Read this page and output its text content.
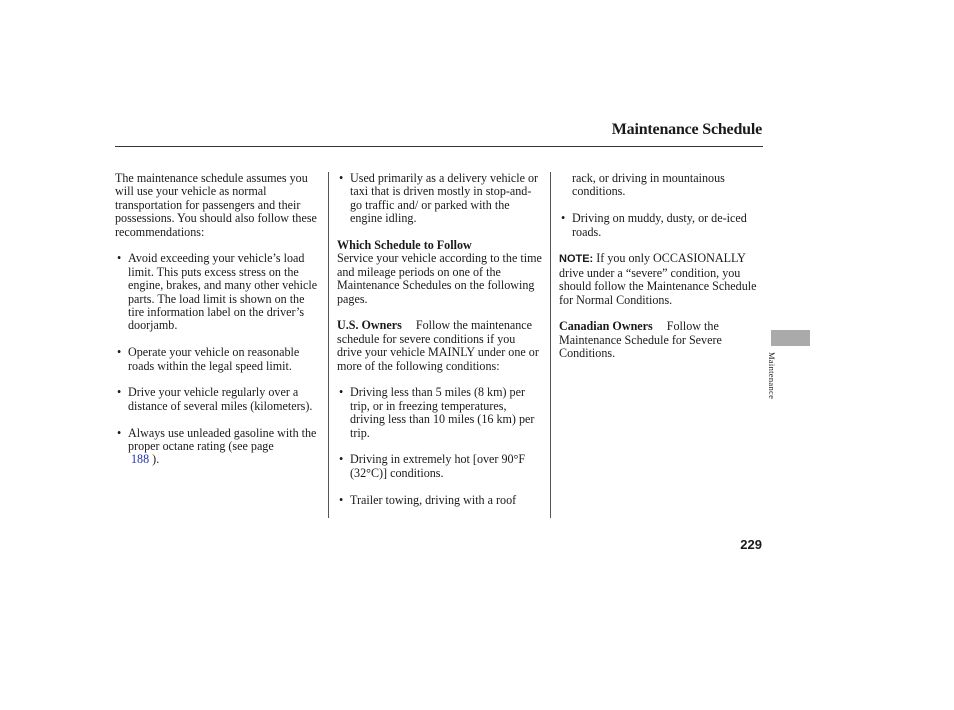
Maintenance Schedule

The maintenance schedule assumes you will use your vehicle as normal transportation for passengers and their possessions. You should also follow these recommendations:

• Avoid exceeding your vehicle’s load limit. This puts excess stress on the engine, brakes, and many other vehicle parts. The load limit is shown on the tire information label on the driver’s doorjamb.
• Operate your vehicle on reasonable roads within the legal speed limit.
• Drive your vehicle regularly over a distance of several miles (kilometers).
• Always use unleaded gasoline with the proper octane rating (see page
188 ).
• Used primarily as a delivery vehicle or taxi that is driven mostly in stop-and-go traffic and/ or parked with the engine idling.
Which Schedule to Follow

Service your vehicle according to the time and mileage periods on one of the Maintenance Schedules on the following pages.

U.S. Owners Follow the maintenance schedule for severe conditions if you drive your vehicle MAINLY under one or more of the following conditions:

• Driving less than 5 miles (8 km) per trip, or in freezing temperatures, driving less than 10 miles (16 km) per trip.
• Driving in extremely hot [over 90°F (32°C)] conditions.
• Trailer towing, driving with a roof

rack, or driving in mountainous conditions.

• Driving on muddy, dusty, or de-iced roads.

NOTE: If you only OCCASIONALLY drive under a “severe” condition, you should follow the Maintenance Schedule for Normal Conditions.

Canadian Owners Follow the Maintenance Schedule for Severe Conditions.	Maintenance
229
